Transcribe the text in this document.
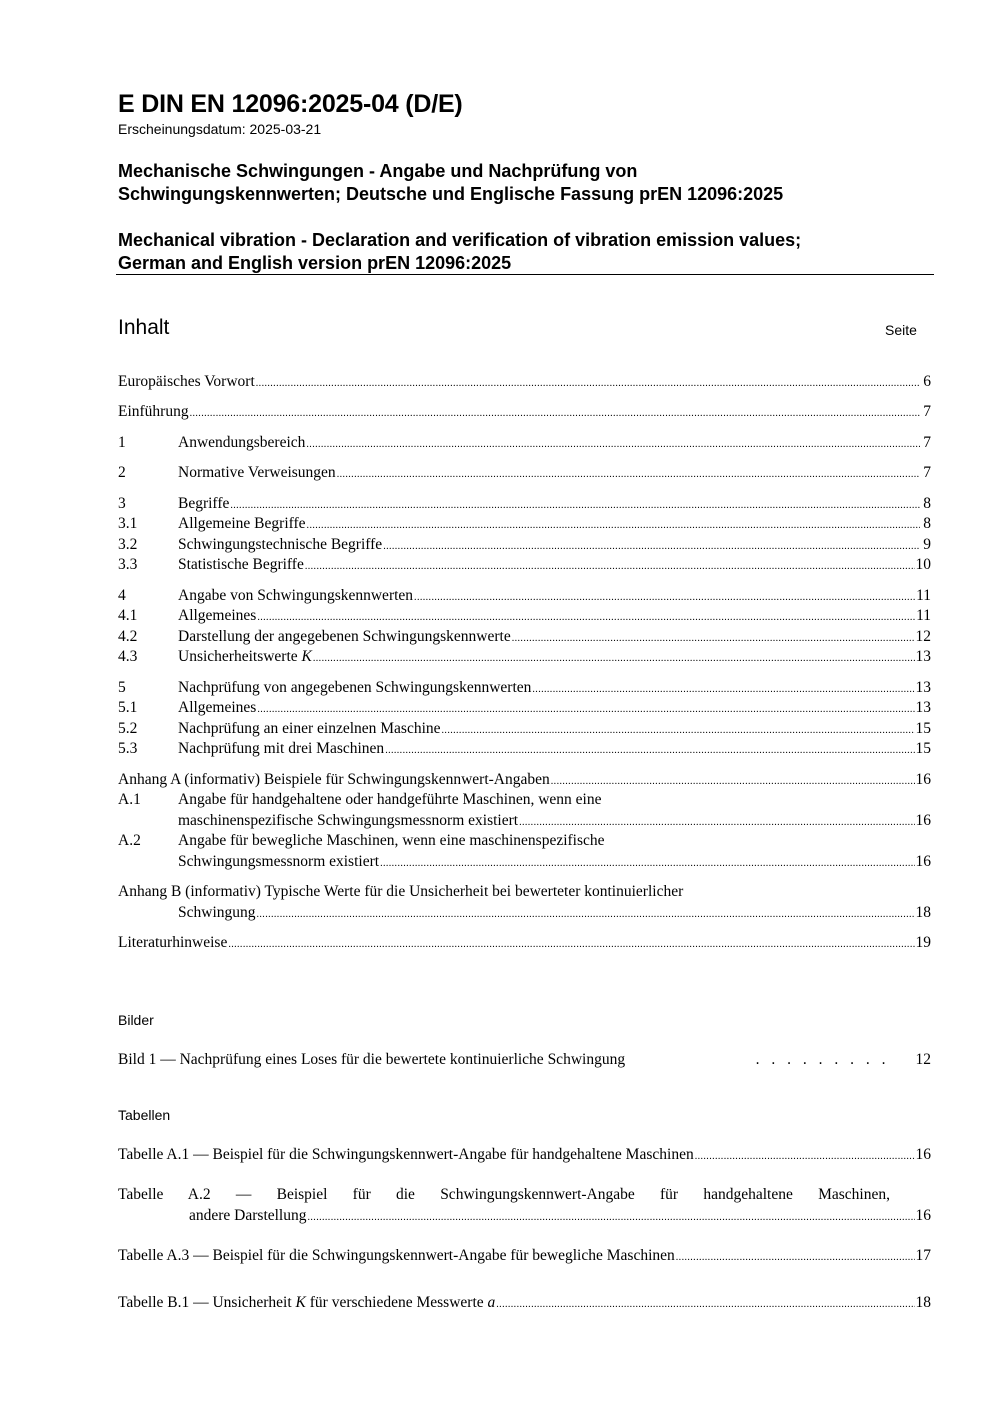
E DIN EN 12096:2025-04 (D/E)
Erscheinungsdatum: 2025-03-21
Mechanische Schwingungen - Angabe und Nachprüfung von
Schwingungskennwerten; Deutsche und Englische Fassung prEN 12096:2025
Mechanical vibration - Declaration and verification of vibration emission values;
German and English version prEN 12096:2025
Inhalt	Seite
Europäisches Vorwort .....	6
Einführung .....	7
1	Anwendungsbereich .....	7
2	Normative Verweisungen .....	7
3	Begriffe .....	8
3.1	Allgemeine Begriffe .....	8
3.2	Schwingungstechnische Begriffe .....	9
3.3	Statistische Begriffe .....	10
4	Angabe von Schwingungskennwerten .....	11
4.1	Allgemeines .....	11
4.2	Darstellung der angegebenen Schwingungskennwerte .....	12
4.3	Unsicherheitswerte K .....	13
5	Nachprüfung von angegebenen Schwingungskennwerten .....	13
5.1	Allgemeines .....	13
5.2	Nachprüfung an einer einzelnen Maschine .....	15
5.3	Nachprüfung mit drei Maschinen .....	15
Anhang A (informativ) Beispiele für Schwingungskennwert-Angaben .....	16
A.1 Angabe für handgehaltene oder handgeführte Maschinen, wenn eine
maschinenspezifische Schwingungsmessnorm existiert .....	16
A.2 Angabe für bewegliche Maschinen, wenn eine maschinenspezifische
Schwingungsmessnorm existiert .....	16
Anhang B (informativ) Typische Werte für die Unsicherheit bei bewerteter kontinuierlicher
Schwingung .....	18
Literaturhinweise .....	19
Bilder
Bild 1 — Nachprüfung eines Loses für die bewertete kontinuierliche Schwingung	. . . . . . . . .	12
Tabellen
Tabelle A.1 — Beispiel für die Schwingungskennwert-Angabe für handgehaltene Maschinen .....	16
Tabelle A.2 — Beispiel für die Schwingungskennwert-Angabe für handgehaltene Maschinen,
andere Darstellung .....	16
Tabelle A.3 — Beispiel für die Schwingungskennwert-Angabe für bewegliche Maschinen .....	17
Tabelle B.1 — Unsicherheit K für verschiedene Messwerte a .....	18
